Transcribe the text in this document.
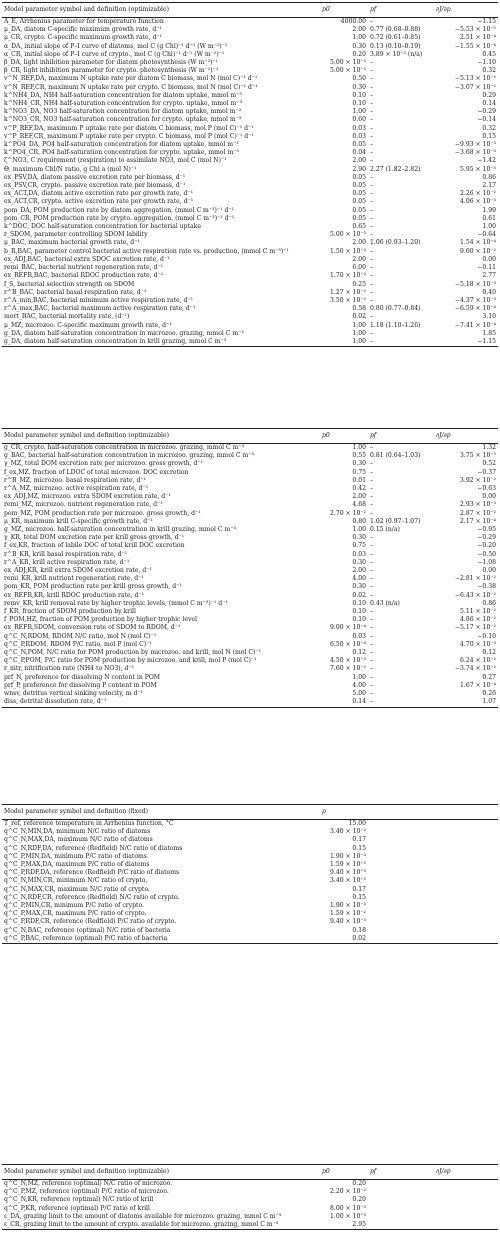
Model parameter symbol and definition (optimizable)	p0	pf	∂J/∂p
A_E, Arrhenius parameter for temperature function	4000.00	–	−1.15
μ_DA, diatom C-specific maximum growth rate, d⁻¹	2.00	0.77 (0.68–0.88)	−5.53 × 10⁻⁵
μ_CR, crypto. C-specific maximum growth rate, d⁻¹	1.00	0.72 (0.61–0.85)	2.51 × 10⁻⁴
α_DA, initial slope of P–I curve of diatoms, mol C (g Chl)⁻¹ d⁻¹ (W m⁻²)⁻¹	0.30	0.13 (0.10–0.19)	−1.55 × 10⁻⁴
α_CR, initial slope of P–I curve of crypto., mol C (g Chl)⁻¹ d⁻¹ (W m⁻²)⁻¹	0.20	3.89 × 10⁻² (n/a)	0.45
β_DA, light inhibition parameter for diatom photosynthesis (W m⁻²)⁻¹	5.00 × 10⁻³	–	−1.10
β_CR, light inhibition parameter for crypto. photosynthesis (W m⁻²)⁻¹	5.00 × 10⁻³	–	0.32
v^N_REF,DA, maximum N uptake rate per diatom C biomass, mol N (mol C)⁻¹ d⁻¹	0.50	–	−5.13 × 10⁻²
v^N_REF,CR, maximum N uptake rate per crypto. C biomass, mol N (mol C)⁻¹ d⁻¹	0.30	–	−3.07 × 10⁻²
k^NH4_DA, NH4 half-saturation concentration for diatom uptake, mmol m⁻³	0.10	–	0.29
k^NH4_CR, NH4 half-saturation concentration for crypto. uptake, mmol m⁻³	0.10	–	0.14
k^NO3_DA, NO3 half-saturation concentration for diatom uptake, mmol m⁻³	1.00	–	−0.29
k^NO3_CR, NO3 half-saturation concentration for crypto. uptake, mmol m⁻³	0.60	–	−0.14
v^P_REF,DA, maximum P uptake rate per diatom C biomass, mol P (mol C)⁻¹ d⁻¹	0.03	–	0.32
v^P_REF,CR, maximum P uptake rate per crypto. C biomass, mol P (mol C)⁻¹ d⁻¹	0.03	–	0.15
k^PO4_DA, PO4 half-saturation concentration for diatom uptake, mmol m⁻³	0.05	–	−9.93 × 10⁻³
k^PO4_CR, PO4 half-saturation concentration for crypto. uptake, mmol m⁻³	0.04	–	−3.68 × 10⁻³
ζ^NO3, C requirement (respiration) to assimilate NO3, mol C (mol N)⁻¹	2.00	–	−1.42
Θ, maximum Chl/N ratio, g Chl a (mol N)⁻¹	2.90	2.27 (1.82–2.82)	5.95 × 10⁻⁵
ex_PSV,DA, diatom passive excretion rate per biomass, d⁻¹	0.05	–	0.86
ex_PSV,CR, crypto. passive excretion rate per biomass, d⁻¹	0.05	–	2.17
ex_ACT,DA, diatom active excretion rate per growth rate, d⁻¹	0.05	–	2.26 × 10⁻²
ex_ACT,CR, crypto. active excretion rate per growth rate, d⁻¹	0.05	–	4.06 × 10⁻³
pom_DA, POM production rate by diatom aggregation, (mmol C m⁻³)⁻¹ d⁻¹	0.05	–	1.99
pom_CR, POM production rate by crypto. aggregation, (mmol C m⁻³)⁻¹ d⁻¹	0.05	–	0.61
k^DOC, DOC half-saturation concentration for bacterial uptake	0.65	–	1.00
r_SDOM, parameter controlling SDOM lability	5.00 × 10⁻³	–	−0.64
μ_BAC, maximum bacterial growth rate, d⁻¹	2.00	1.06 (0.93–1.20)	1.54 × 10⁻⁴
b_R,BAC, parameter control bacterial active respiration rate vs. production, (mmol C m⁻³)⁻¹	1.50 × 10⁻²	–	9.60 × 10⁻²
ex_ADJ,BAC, bacterial extra SDOC excretion rate, d⁻¹	2.00	–	0.00
remi_BAC, bacterial nutrient regeneration rate, d⁻¹	6.00	–	−0.11
ex_REFR,BAC, bacterial RDOC production rate, d⁻¹	1.70 × 10⁻²	–	2.77
f_S, bacterial selection strength on SDOM	0.25	–	−5.18 × 10⁻³
r^B_BAC, bacterial basal respiration rate, d⁻¹	1.27 × 10⁻²	–	0.40
r^A_min,BAC, bacterial minimum active respiration rate, d⁻¹	3.50 × 10⁻²	–	−4.37 × 10⁻³
r^A_max,BAC, bacterial maximum active respiration rate, d⁻¹	0.58	0.80 (0.77–0.84)	−6.59 × 10⁻⁴
mort_BAC, bacterial mortality rate, (d⁻¹)	0.02	–	3.10
μ_MZ, microzoo. C-specific maximum growth rate, d⁻¹	1.00	1.18 (1.10–1.26)	−7.41 × 10⁻⁴
g_DA, diatom half-saturation concentration in microzoo. grazing, mmol C m⁻³	1.00	–	1.85
g_DA, diatom half-saturation concentration in krill grazing, mmol C m⁻³	1.00	–	−1.15
Model parameter symbol and definition (optimizable)	p0	pf	∂J/∂p
g_CR, crypto. half-saturation concentration in microzoo. grazing, mmol C m⁻³	1.00	–	1.32
g_BAC, bacterial half-saturation concentration in microzoo. grazing, mmol C m⁻³	0.55	0.81 (0.64–1.03)	3.75 × 10⁻⁵
γ_MZ, total DOM excretion rate per microzoo. gross growth, d⁻¹	0.30	–	0.52
f_ex,MZ, fraction of LDOC of total microzoo. DOC excretion	0.75	–	−0.37
r^B_MZ, microzoo. basal respiration rate, d⁻¹	0.01	–	3.92 × 10⁻²
r^A_MZ, microzoo. active respiration rate, d⁻¹	0.42	–	−0.63
ex_ADJ,MZ, microzoo. extra SDOM excretion rate, d⁻¹	2.00	–	0.00
remi_MZ, microzoo. nutrient regeneration rate, d⁻¹	4.68	–	2.93 × 10⁻³
pom_MZ, POM production rate per microzoo. gross growth, d⁻¹	2.70 × 10⁻²	–	2.87 × 10⁻²
μ_KR, maximum krill C-specific growth rate, d⁻¹	0.80	1.02 (0.97–1.07)	2.17 × 10⁻⁴
g_MZ, microzoo. half-saturation concentration in krill grazing, mmol C m⁻³	1.00	0.15 (n/a)	−0.95
γ_KR, total DOM excretion rate per krill gross growth, d⁻¹	0.30	–	−0.29
f_ex,KR, fraction of labile DOC of total krill DOC excretion	0.75	–	−0.20
r^B_KR, krill basal respiration rate, d⁻¹	0.03	–	−0.50
r^A_KR, krill active respiration rate, d⁻¹	0.30	–	−1.08
ex_ADJ,KR, krill extra SDOM excretion rate, d⁻¹	2.00	–	0.00
remi_KR, krill nutrient regeneration rate, d⁻¹	4.00	–	−2.81 × 10⁻²
pom_KR, POM production rate per krill gross growth, d⁻¹	0.30	–	−0.38
ex_REFR,KR, krill RDOC production rate, d⁻¹	0.02	–	−6.43 × 10⁻²
remv_KR, krill removal rate by higher trophic levels, (mmol C m⁻³)⁻¹ d⁻¹	0.10	0.43 (n/a)	0.86
f_KR, fraction of SDOM production by krill	0.10	–	5.11 × 10⁻²
f_POM,HZ, fraction of POM production by higher trophic level	0.10	–	4.86 × 10⁻²
ex_REFR,SDOM, conversion rate of SDOM to RDOM, d⁻¹	9.00 × 10⁻⁴	–	−5.17 × 10⁻²
q^C_N,RDOM, RDOM N/C ratio, mol N (mol C)⁻¹	0.03	–	−0.10
q^C_P,RDOM, RDOM P/C ratio, mol P (mol C)⁻¹	6.50 × 10⁻⁴	–	4.70 × 10⁻³
q^C_N,POM, N/C ratio for POM production by microzoo. and krill, mol N (mol C)⁻¹	0.12	–	0.12
q^C_P,POM, P/C ratio for POM production by microzoo. and krill, mol P (mol C)⁻¹	4.50 × 10⁻³	–	6.24 × 10⁻²
r_nitr, nitrification rate (NH4 to NO3), d⁻¹	7.60 × 10⁻²	–	−3.74 × 10⁻²
prf_N, preference for dissolving N content in POM	1.00	–	0.27
prf_P, preference for dissolving P content in POM	4.00	–	1.67 × 10⁻⁴
wnsv, detritus vertical sinking velocity, m d⁻¹	5.00	–	0.26
diss, detrital dissolution rate, d⁻¹	0.14	–	1.07
Model parameter symbol and definition (fixed)	p		
T_ref, reference temperature in Arrhenius function, °C	15.00		
q^C_N,MIN,DA, minimum N/C ratio of diatoms	3.40 × 10⁻²		
q^C_N,MAX,DA, maximum N/C ratio of diatoms	0.17		
q^C_N,RDF,DA, reference (Redfield) N/C ratio of diatoms	0.15		
q^C_P,MIN,DA, minimum P/C ratio of diatoms	1.90 × 10⁻³		
q^C_P,MAX,DA, maximum P/C ratio of diatoms	1.59 × 10⁻²		
q^C_P,RDF,DA, reference (Redfield) P/C ratio of diatoms	9.40 × 10⁻³		
q^C_N,MIN,CR, minimum N/C ratio of crypto.	3.40 × 10⁻²		
q^C_N,MAX,CR, maximum N/C ratio of crypto.	0.17		
q^C_N,RDF,CR, reference (Redfield) N/C ratio of crypto.	0.15		
q^C_P,MIN,CR, minimum P/C ratio of crypto.	1.90 × 10⁻³		
q^C_P,MAX,CR, maximum P/C ratio of crypto.	1.59 × 10⁻²		
q^C_P,RDF,CR, reference (Redfield) P/C ratio of crypto.	9.40 × 10⁻³		
q^C_N,BAC, reference (optimal) N/C ratio of bacteria	0.18		
q^C_P,BAC, reference (optimal) P/C ratio of bacteria	0.02		
Model parameter symbol and definition (optimizable)	p0	pf	∂J/∂p
q^C_N,MZ, reference (optimal) N/C ratio of microzoo.	0.20		
q^C_P,MZ, reference (optimal) P/C ratio of microzoo.	2.20 × 10⁻²		
q^C_N,KR, reference (optimal) N/C ratio of krill	0.20		
q^C_P,KR, reference (optimal) P/C ratio of krill	8.00 × 10⁻³		
ε_DA, grazing limit to the amount of diatoms available for microzoo. grazing, mmol C m⁻³	1.00 × 10⁻³		
ε_CR, grazing limit to the amount of crypto. available for microzoo. grazing, mmol C m⁻³	2.95		
